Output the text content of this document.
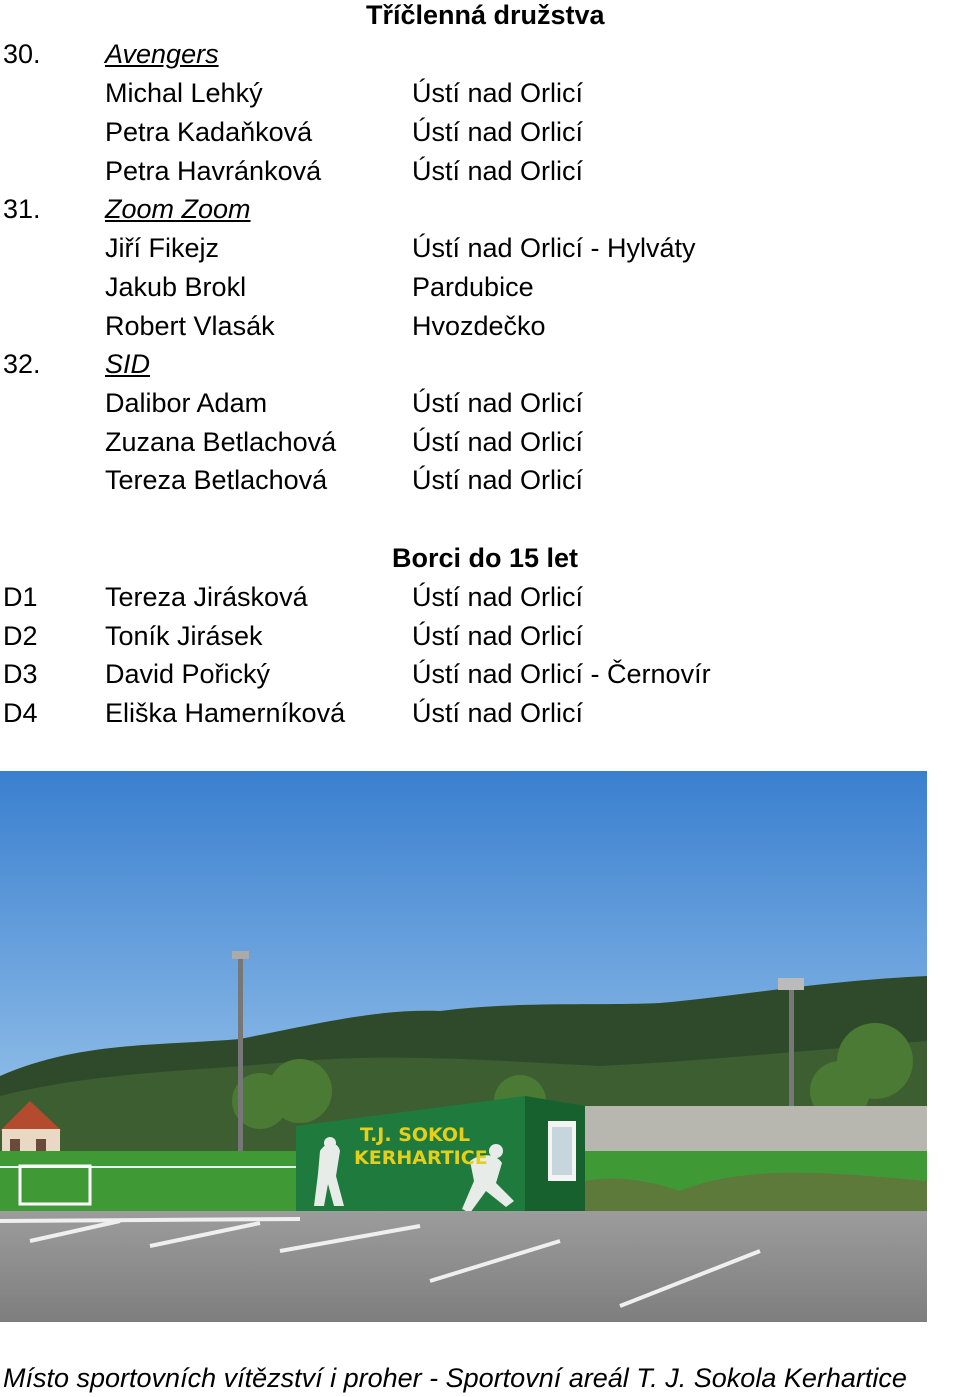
Tříčlenná družstva
30. Avengers
Michal Lehký	Ústí nad Orlicí
Petra Kadaňková	Ústí nad Orlicí
Petra Havránková	Ústí nad Orlicí
31. Zoom Zoom
Jiří Fikejz	Ústí nad Orlicí - Hylváty
Jakub Brokl	Pardubice
Robert Vlasák	Hvozdečko
32. SID
Dalibor Adam	Ústí nad Orlicí
Zuzana Betlachová	Ústí nad Orlicí
Tereza Betlachová	Ústí nad Orlicí
Borci do 15 let
D1 Tereza Jirásková	Ústí nad Orlicí
D2 Toník Jirásek	Ústí nad Orlicí
D3 David Pořický	Ústí nad Orlicí - Černovír
D4 Eliška Hamerníková Ústí nad Orlicí
T.J. SOKOL
KERHARTICE
Místo sportovních vítězství i proher - Sportovní areál T. J. Sokola Kerhartice
